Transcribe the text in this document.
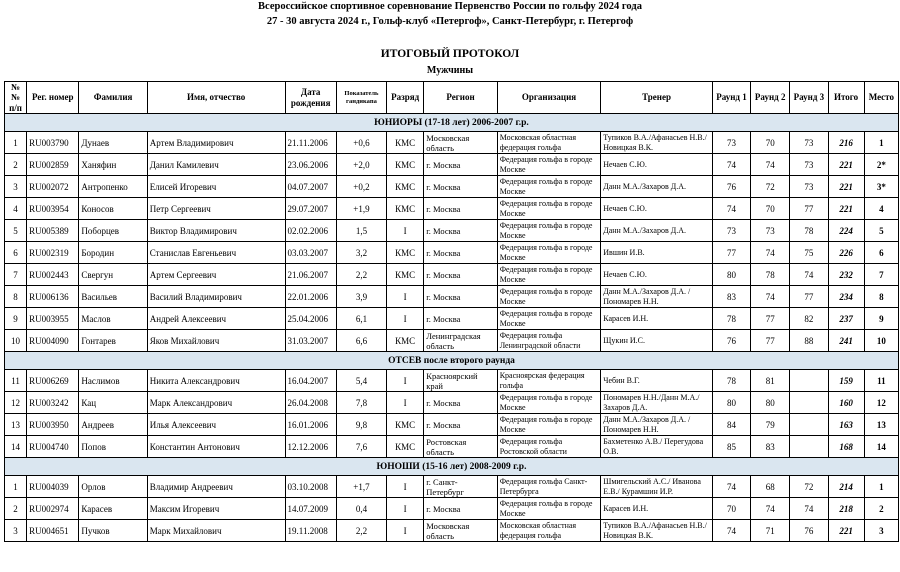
Всероссийское спортивное соревнование Первенство России по гольфу 2024 года
27 - 30 августа 2024 г., Гольф-клуб «Петергоф», Санкт-Петербург, г. Петергоф
ИТОГОВЫЙ ПРОТОКОЛ
Мужчины
№№ п/п	Рег. номер	Фамилия	Имя, отчество	Дата рождения	Показатель гандикапа	Разряд	Регион	Организация	Тренер	Раунд 1	Раунд 2	Раунд 3	Итого	Место
ЮНИОРЫ (17-18 лет) 2006-2007 г.р.														
1	RU003790	Дунаев	Артем Владимирович	21.11.2006	+0,6	КМС	Московская область	Московская областная федерация гольфа	Тупиков В.А./Афанасьев Н.В./Новицкая В.К.	73	70	73	216	1
2	RU002859	Ханяфин	Данил Камилевич	23.06.2006	+2,0	КМС	г. Москва	Федерация гольфа в городе Москве	Нечаев С.Ю.	74	74	73	221	2*
3	RU002072	Антропенко	Елисей Игоревич	04.07.2007	+0,2	КМС	г. Москва	Федерация гольфа в городе Москве	Данн М.А./Захаров Д.А.	76	72	73	221	3*
4	RU003954	Коносов	Петр Сергеевич	29.07.2007	+1,9	КМС	г. Москва	Федерация гольфа в городе Москве	Нечаев С.Ю.	74	70	77	221	4
5	RU005389	Поборцев	Виктор Владимирович	02.02.2006	1,5	I	г. Москва	Федерация гольфа в городе Москве	Данн М.А./Захаров Д.А.	73	73	78	224	5
6	RU002319	Бородин	Станислав Евгеньевич	03.03.2007	3,2	КМС	г. Москва	Федерация гольфа в городе Москве	Ившин И.В.	77	74	75	226	6
7	RU002443	Свергун	Артем Сергеевич	21.06.2007	2,2	КМС	г. Москва	Федерация гольфа в городе Москве	Нечаев С.Ю.	80	78	74	232	7
8	RU006136	Васильев	Василий Владимирович	22.01.2006	3,9	I	г. Москва	Федерация гольфа в городе Москве	Данн М.А./Захаров Д.А. /Пономарев Н.Н.	83	74	77	234	8
9	RU003955	Маслов	Андрей Алексеевич	25.04.2006	6,1	I	г. Москва	Федерация гольфа в городе Москве	Карасев И.Н.	78	77	82	237	9
10	RU004090	Гонтарев	Яков Михайлович	31.03.2007	6,6	КМС	Ленинградская область	Федерация гольфа Ленинградской области	Щукин И.С.	76	77	88	241	10
ОТСЕВ после второго раунда														
11	RU006269	Наслимов	Никита Александрович	16.04.2007	5,4	I	Красноярский край	Красноярская федерация гольфа	Чебин В.Г.	78	81		159	11
12	RU003242	Кац	Марк Александрович	26.04.2008	7,8	I	г. Москва	Федерация гольфа в городе Москве	Пономарев Н.Н./Данн М.А./Захаров Д.А.	80	80		160	12
13	RU003950	Андреев	Илья Алексеевич	16.01.2006	9,8	КМС	г. Москва	Федерация гольфа в городе Москве	Данн М.А./Захаров Д.А. /Пономарев Н.Н.	84	79		163	13
14	RU004740	Попов	Константин Антонович	12.12.2006	7,6	КМС	Ростовская область	Федерация гольфа Ростовской области	Бахметенко А.В./ Перегудова О.В.	85	83		168	14
ЮНОШИ (15-16 лет) 2008-2009 г.р.														
1	RU004039	Орлов	Владимир Андреевич	03.10.2008	+1,7	I	г. Санкт-Петербург	Федерация гольфа Санкт-Петербурга	Шмигельский А.С./ Иванова Е.В./ Курамшин И.Р.	74	68	72	214	1
2	RU002974	Карасев	Максим Игоревич	14.07.2009	0,4	I	г. Москва	Федерация гольфа в городе Москве	Карасев И.Н.	70	74	74	218	2
3	RU004651	Пучков	Марк Михайлович	19.11.2008	2,2	I	Московская область	Московская областная федерация гольфа	Тупиков В.А./Афанасьев Н.В./Новицкая В.К.	74	71	76	221	3
